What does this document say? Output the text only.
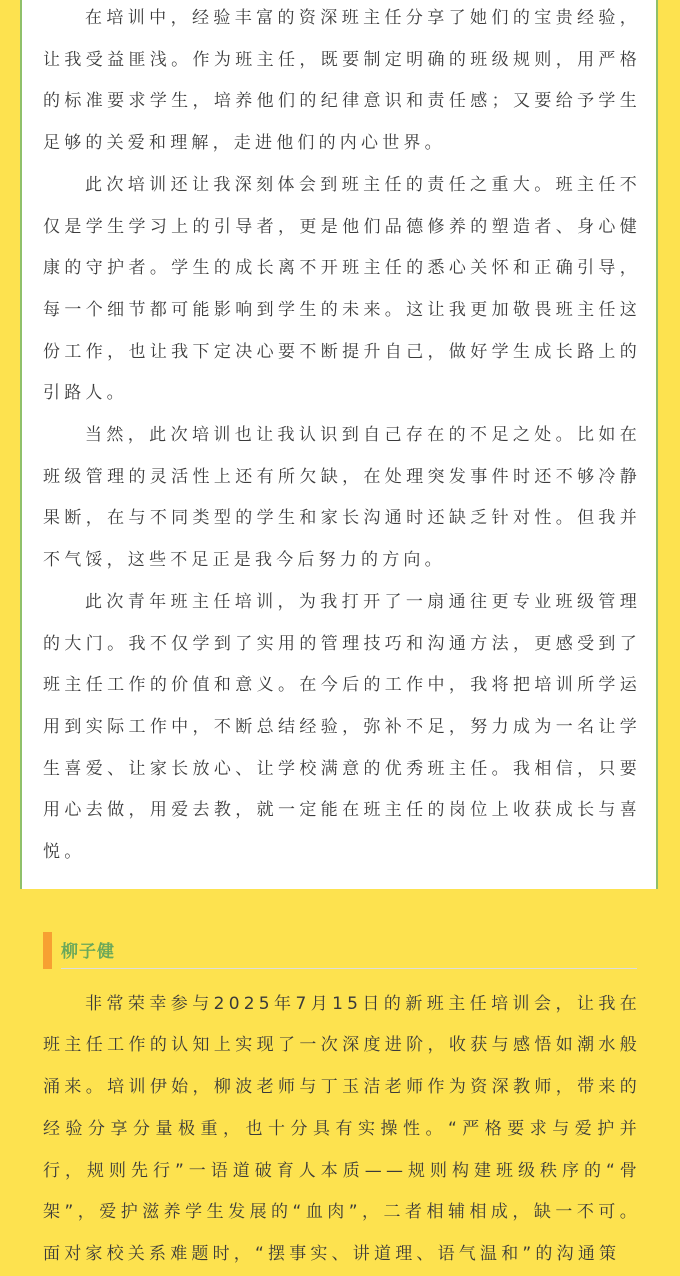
在培训中，经验丰富的资深班主任分享了她们的宝贵经验，让我受益匪浅。作为班主任，既要制定明确的班级规则，用严格的标准要求学生，培养他们的纪律意识和责任感；又要给予学生足够的关爱和理解，走进他们的内心世界。

此次培训还让我深刻体会到班主任的责任之重大。班主任不仅是学生学习上的引导者，更是他们品德修养的塑造者、身心健康的守护者。学生的成长离不开班主任的悉心关怀和正确引导，每一个细节都可能影响到学生的未来。这让我更加敬畏班主任这份工作，也让我下定决心要不断提升自己，做好学生成长路上的引路人。

当然，此次培训也让我认识到自己存在的不足之处。比如在班级管理的灵活性上还有所欠缺，在处理突发事件时还不够冷静果断，在与不同类型的学生和家长沟通时还缺乏针对性。但我并不气馁，这些不足正是我今后努力的方向。

此次青年班主任培训，为我打开了一扇通往更专业班级管理的大门。我不仅学到了实用的管理技巧和沟通方法，更感受到了班主任工作的价值和意义。在今后的工作中，我将把培训所学运用到实际工作中，不断总结经验，弥补不足，努力成为一名让学生喜爱、让家长放心、让学校满意的优秀班主任。我相信，只要用心去做，用爱去教，就一定能在班主任的岗位上收获成长与喜悦。

柳子健

非常荣幸参与2025年7月15日的新班主任培训会，让我在班主任工作的认知上实现了一次深度进阶，收获与感悟如潮水般涌来。培训伊始，柳波老师与丁玉洁老师作为资深教师，带来的经验分享分量极重，也十分具有实操性。“严格要求与爱护并行，规则先行”一语道破育人本质——规则构建班级秩序的“骨架”，爱护滋养学生发展的“血肉”，二者相辅相成，缺一不可。面对家校关系难题时，“摆事实、讲道理、语气温和”的沟通策
